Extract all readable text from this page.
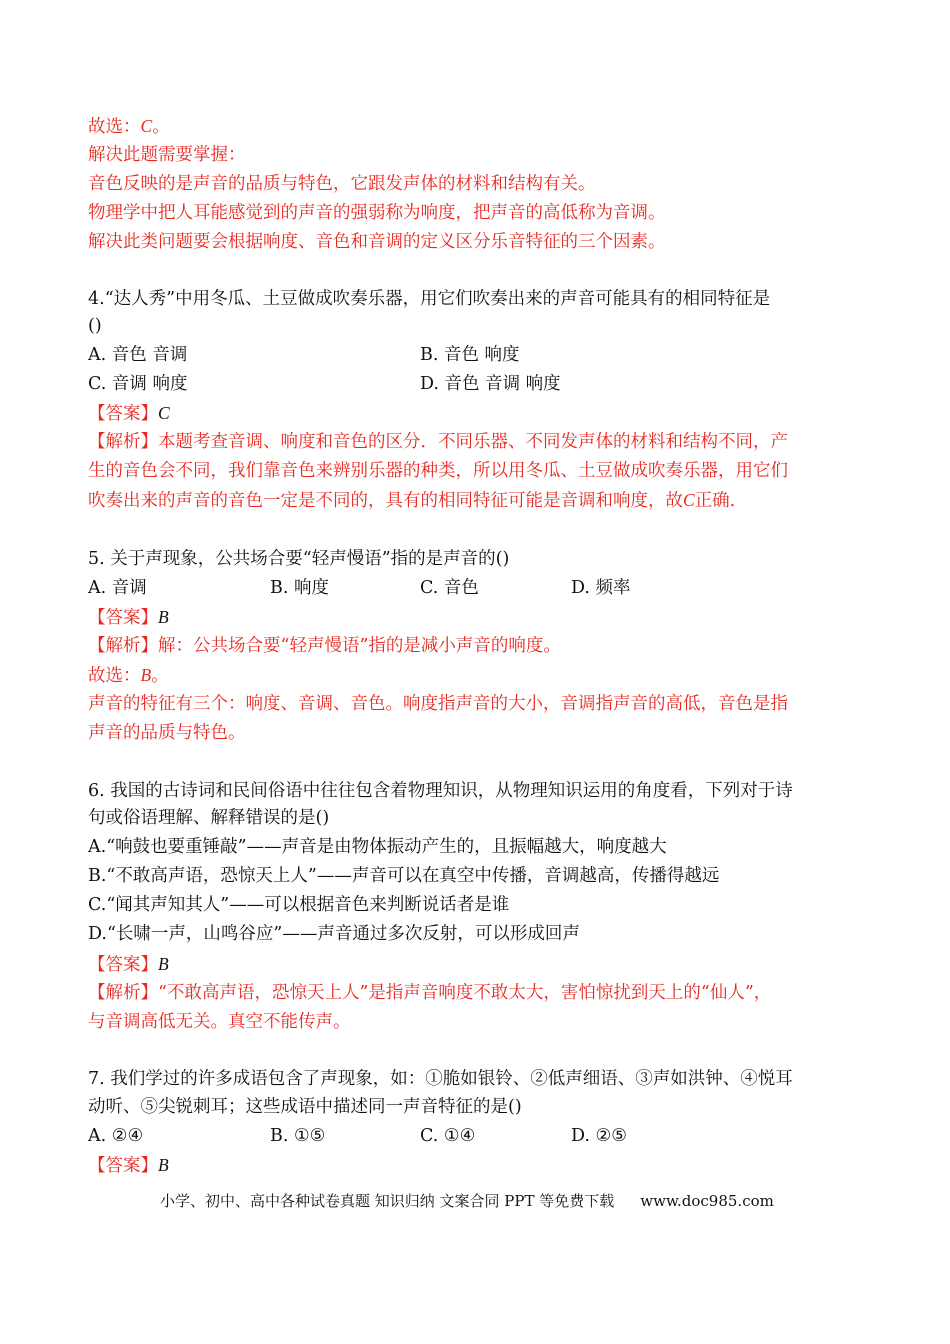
故选：C。
解决此题需要掌握：
音色反映的是声音的品质与特色，它跟发声体的材料和结构有关。
物理学中把人耳能感觉到的声音的强弱称为响度，把声音的高低称为音调。
解决此类问题要会根据响度、音色和音调的定义区分乐音特征的三个因素。
4.“达人秀”中用冬瓜、土豆做成吹奏乐器，用它们吹奏出来的声音可能具有的相同特征是
()
A. 音色 音调	B. 音色 响度
C. 音调 响度	D. 音色 音调 响度
【答案】C
【解析】本题考查音调、响度和音色的区分．不同乐器、不同发声体的材料和结构不同，产
生的音色会不同，我们靠音色来辨别乐器的种类，所以用冬瓜、土豆做成吹奏乐器，用它们
吹奏出来的声音的音色一定是不同的，具有的相同特征可能是音调和响度，故C正确.
5. 关于声现象，公共场合要“轻声慢语”指的是声音的()
A. 音调	B. 响度	C. 音色	D. 频率
【答案】B
【解析】解：公共场合要“轻声慢语”指的是减小声音的响度。
故选：B。
声音的特征有三个：响度、音调、音色。响度指声音的大小，音调指声音的高低，音色是指
声音的品质与特色。
6. 我国的古诗词和民间俗语中往往包含着物理知识，从物理知识运用的角度看，下列对于诗
句或俗语理解、解释错误的是()
A.“响鼓也要重锤敲”——声音是由物体振动产生的，且振幅越大，响度越大
B.“不敢高声语，恐惊天上人”——声音可以在真空中传播，音调越高，传播得越远
C.“闻其声知其人”——可以根据音色来判断说话者是谁
D.“长啸一声，山鸣谷应”——声音通过多次反射，可以形成回声
【答案】B
【解析】“不敢高声语，恐惊天上人”是指声音响度不敢太大，害怕惊扰到天上的“仙人”，
与音调高低无关。真空不能传声。
7. 我们学过的许多成语包含了声现象，如：①脆如银铃、②低声细语、③声如洪钟、④悦耳
动听、⑤尖锐刺耳；这些成语中描述同一声音特征的是()
A. ②④	B. ①⑤	C. ①④	D. ②⑤
【答案】B
小学、初中、高中各种试卷真题 知识归纳 文案合同 PPT 等免费下载 www.doc985.com
